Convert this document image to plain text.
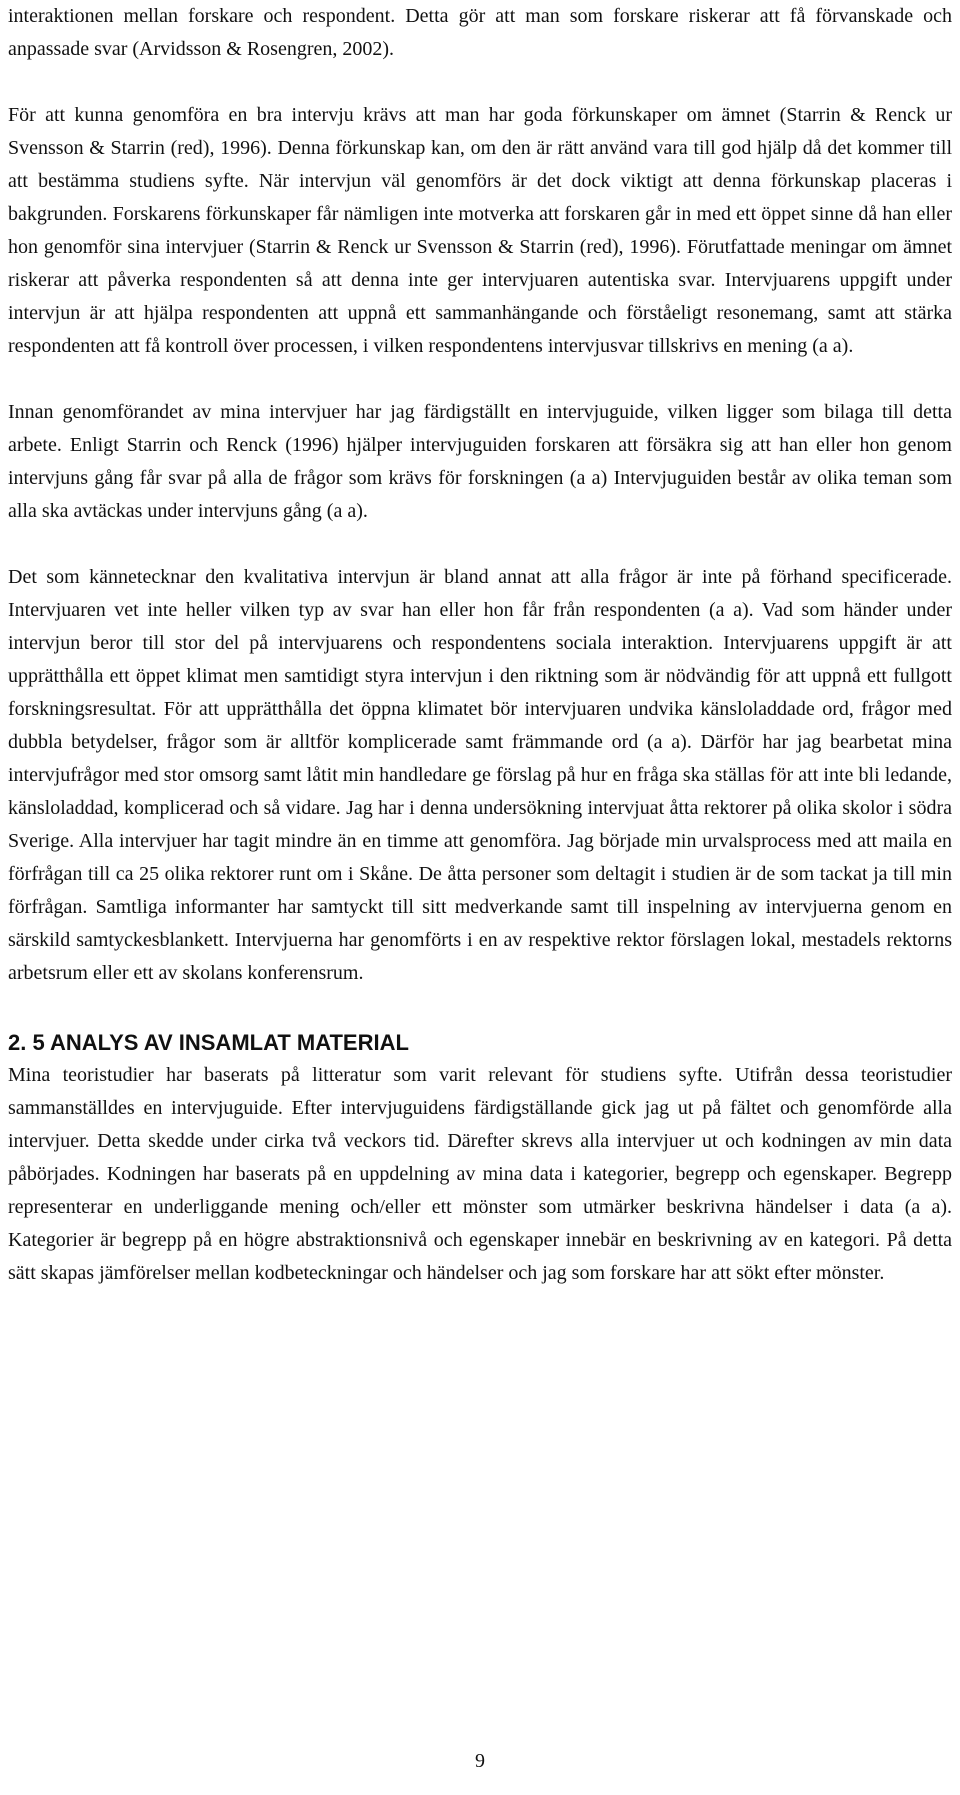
interaktionen mellan forskare och respondent. Detta gör att man som forskare riskerar att få förvanskade och anpassade svar (Arvidsson & Rosengren, 2002).

För att kunna genomföra en bra intervju krävs att man har goda förkunskaper om ämnet (Starrin & Renck ur Svensson & Starrin (red), 1996). Denna förkunskap kan, om den är rätt använd vara till god hjälp då det kommer till att bestämma studiens syfte. När intervjun väl genomförs är det dock viktigt att denna förkunskap placeras i bakgrunden. Forskarens förkunskaper får nämligen inte motverka att forskaren går in med ett öppet sinne då han eller hon genomför sina intervjuer (Starrin & Renck ur Svensson & Starrin (red), 1996). Förutfattade meningar om ämnet riskerar att påverka respondenten så att denna inte ger intervjuaren autentiska svar. Intervjuarens uppgift under intervjun är att hjälpa respondenten att uppnå ett sammanhängande och förståeligt resonemang, samt att stärka respondenten att få kontroll över processen, i vilken respondentens intervjusvar tillskrivs en mening (a a).

Innan genomförandet av mina intervjuer har jag färdigställt en intervjuguide, vilken ligger som bilaga till detta arbete. Enligt Starrin och Renck (1996) hjälper intervjuguiden forskaren att försäkra sig att han eller hon genom intervjuns gång får svar på alla de frågor som krävs för forskningen (a a) Intervjuguiden består av olika teman som alla ska avtäckas under intervjuns gång (a a).

Det som kännetecknar den kvalitativa intervjun är bland annat att alla frågor är inte på förhand specificerade. Intervjuaren vet inte heller vilken typ av svar han eller hon får från respondenten (a a). Vad som händer under intervjun beror till stor del på intervjuarens och respondentens sociala interaktion. Intervjuarens uppgift är att upprätthålla ett öppet klimat men samtidigt styra intervjun i den riktning som är nödvändig för att uppnå ett fullgott forskningsresultat. För att upprätthålla det öppna klimatet bör intervjuaren undvika känsloladdade ord, frågor med dubbla betydelser, frågor som är alltför komplicerade samt främmande ord (a a). Därför har jag bearbetat mina intervjufrågor med stor omsorg samt låtit min handledare ge förslag på hur en fråga ska ställas för att inte bli ledande, känsloladdad, komplicerad och så vidare. Jag har i denna undersökning intervjuat åtta rektorer på olika skolor i södra Sverige. Alla intervjuer har tagit mindre än en timme att genomföra. Jag började min urvalsprocess med att maila en förfrågan till ca 25 olika rektorer runt om i Skåne. De åtta personer som deltagit i studien är de som tackat ja till min förfrågan. Samtliga informanter har samtyckt till sitt medverkande samt till inspelning av intervjuerna genom en särskild samtyckesblankett. Intervjuerna har genomförts i en av respektive rektor förslagen lokal, mestadels rektorns arbetsrum eller ett av skolans konferensrum.

2. 5 ANALYS AV INSAMLAT MATERIAL

Mina teoristudier har baserats på litteratur som varit relevant för studiens syfte. Utifrån dessa teoristudier sammanställdes en intervjuguide. Efter intervjuguidens färdigställande gick jag ut på fältet och genomförde alla intervjuer. Detta skedde under cirka två veckors tid. Därefter skrevs alla intervjuer ut och kodningen av min data påbörjades. Kodningen har baserats på en uppdelning av mina data i kategorier, begrepp och egenskaper. Begrepp representerar en underliggande mening och/eller ett mönster som utmärker beskrivna händelser i data (a a). Kategorier är begrepp på en högre abstraktionsnivå och egenskaper innebär en beskrivning av en kategori. På detta sätt skapas jämförelser mellan kodbeteckningar och händelser och jag som forskare har att sökt efter mönster.

9
